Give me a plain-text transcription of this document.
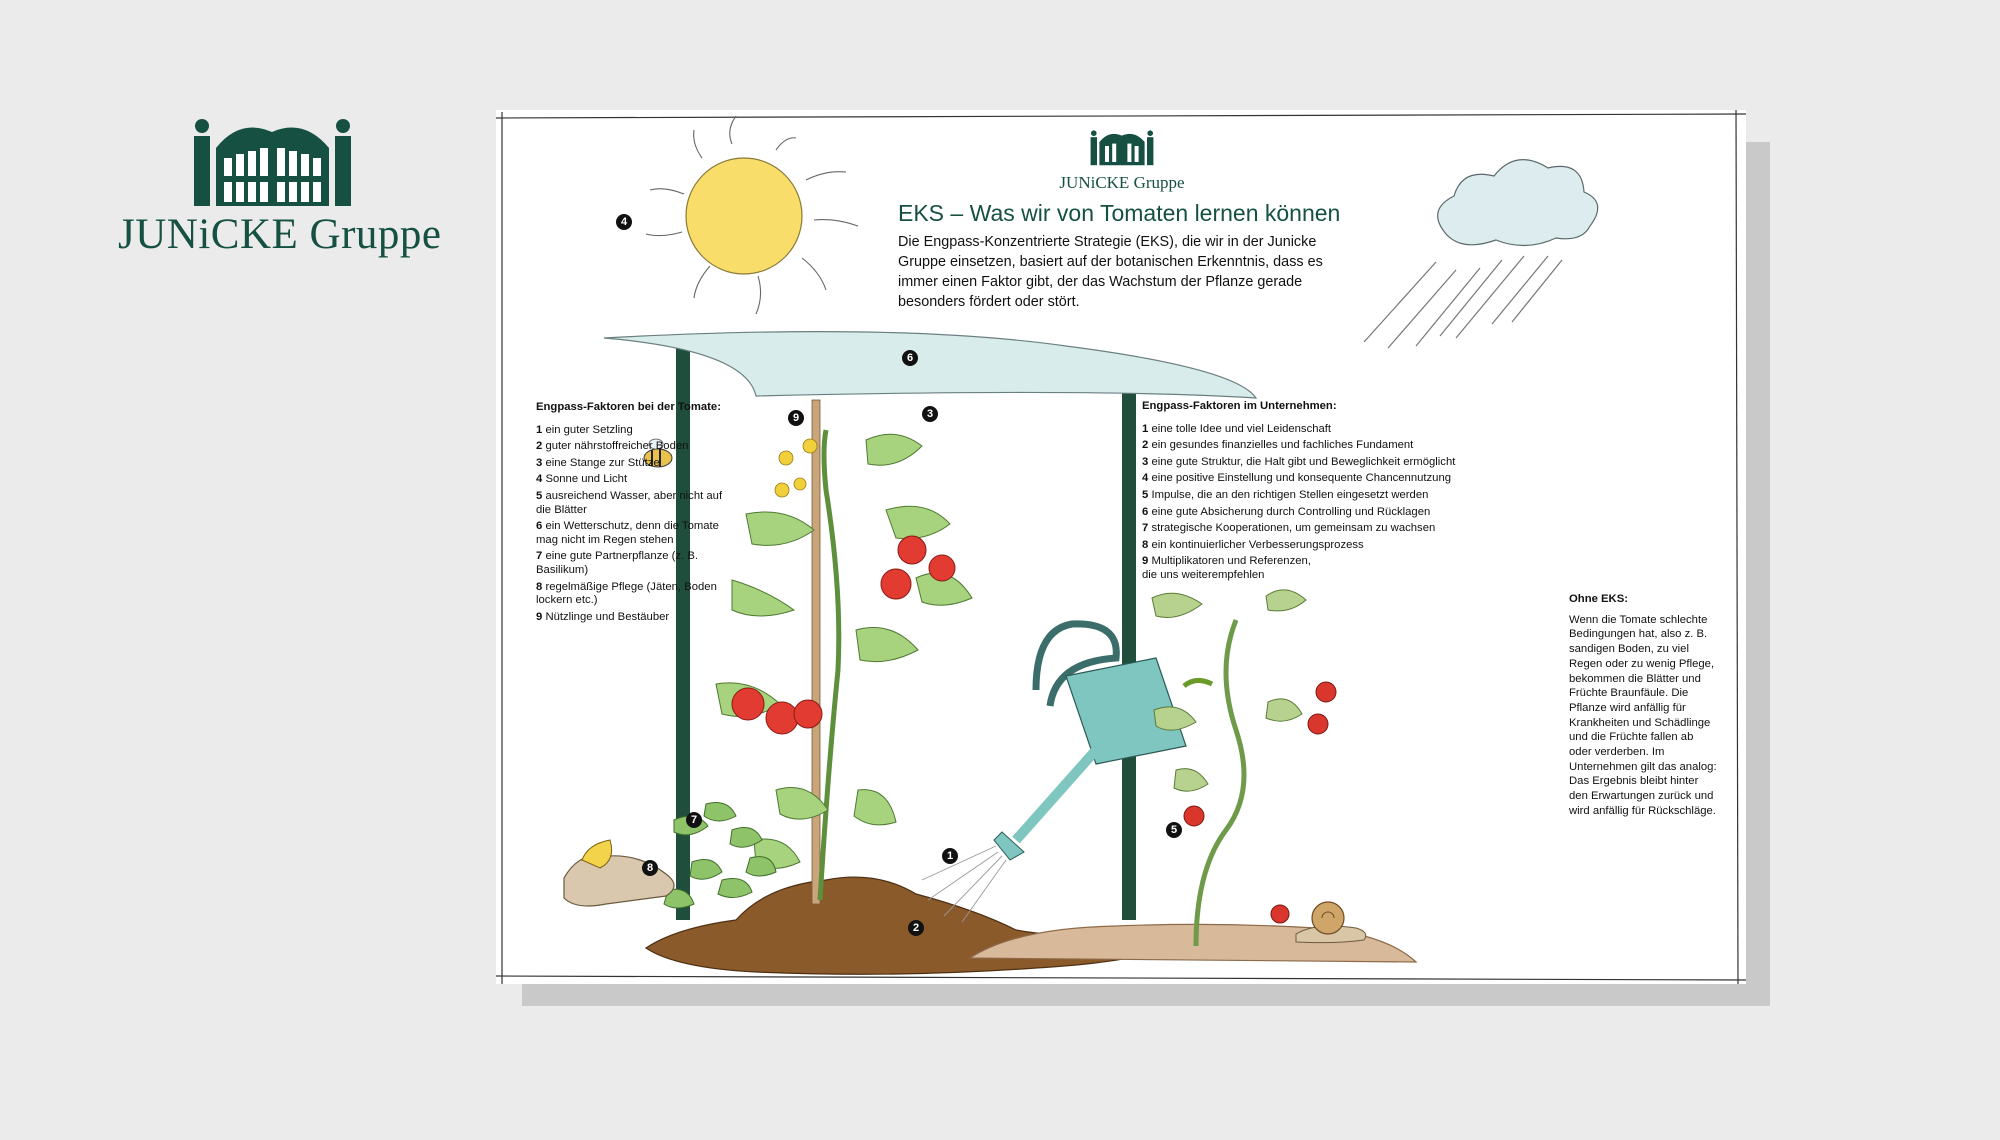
JUNiCKE Gruppe
JUNiCKE Gruppe
EKS – Was wir von Tomaten lernen können
Die Engpass-Konzentrierte Strategie (EKS), die wir in der Junicke Gruppe einsetzen, basiert auf der botanischen Erkenntnis, dass es immer einen Faktor gibt, der das Wachstum der Pflanze gerade besonders fördert oder stört.
Engpass-Faktoren bei der Tomate:
1 ein guter Setzling
2 guter nährstoffreicher Boden
3 eine Stange zur Stütze
4 Sonne und Licht
5 ausreichend Wasser, aber nicht auf die Blätter
6 ein Wetterschutz, denn die Tomate mag nicht im Regen stehen
7 eine gute Partnerpflanze (z. B. Basilikum)
8 regelmäßige Pflege (Jäten, Boden lockern etc.)
9 Nützlinge und Bestäuber
Engpass-Faktoren im Unternehmen:
1 eine tolle Idee und viel Leidenschaft
2 ein gesundes finanzielles und fachliches Fundament
3 eine gute Struktur, die Halt gibt und Beweglichkeit ermöglicht
4 eine positive Einstellung und konsequente Chancennutzung
5 Impulse, die an den richtigen Stellen eingesetzt werden
6 eine gute Absicherung durch Controlling und Rücklagen
7 strategische Kooperationen, um gemeinsam zu wachsen
8 ein kontinuierlicher Verbesserungsprozess
9 Multiplikatoren und Referenzen, die uns weiterempfehlen
Ohne EKS:
Wenn die Tomate schlechte Bedingungen hat, also z. B. sandigen Boden, zu viel Regen oder zu wenig Pflege, bekommen die Blätter und Früchte Braunfäule. Die Pflanze wird anfällig für Krankheiten und Schädlinge und die Früchte fallen ab oder verderben. Im Unternehmen gilt das analog: Das Ergebnis bleibt hinter den Erwartungen zurück und wird anfällig für Rückschläge.
1
2
3
4
5
6
7
8
9
